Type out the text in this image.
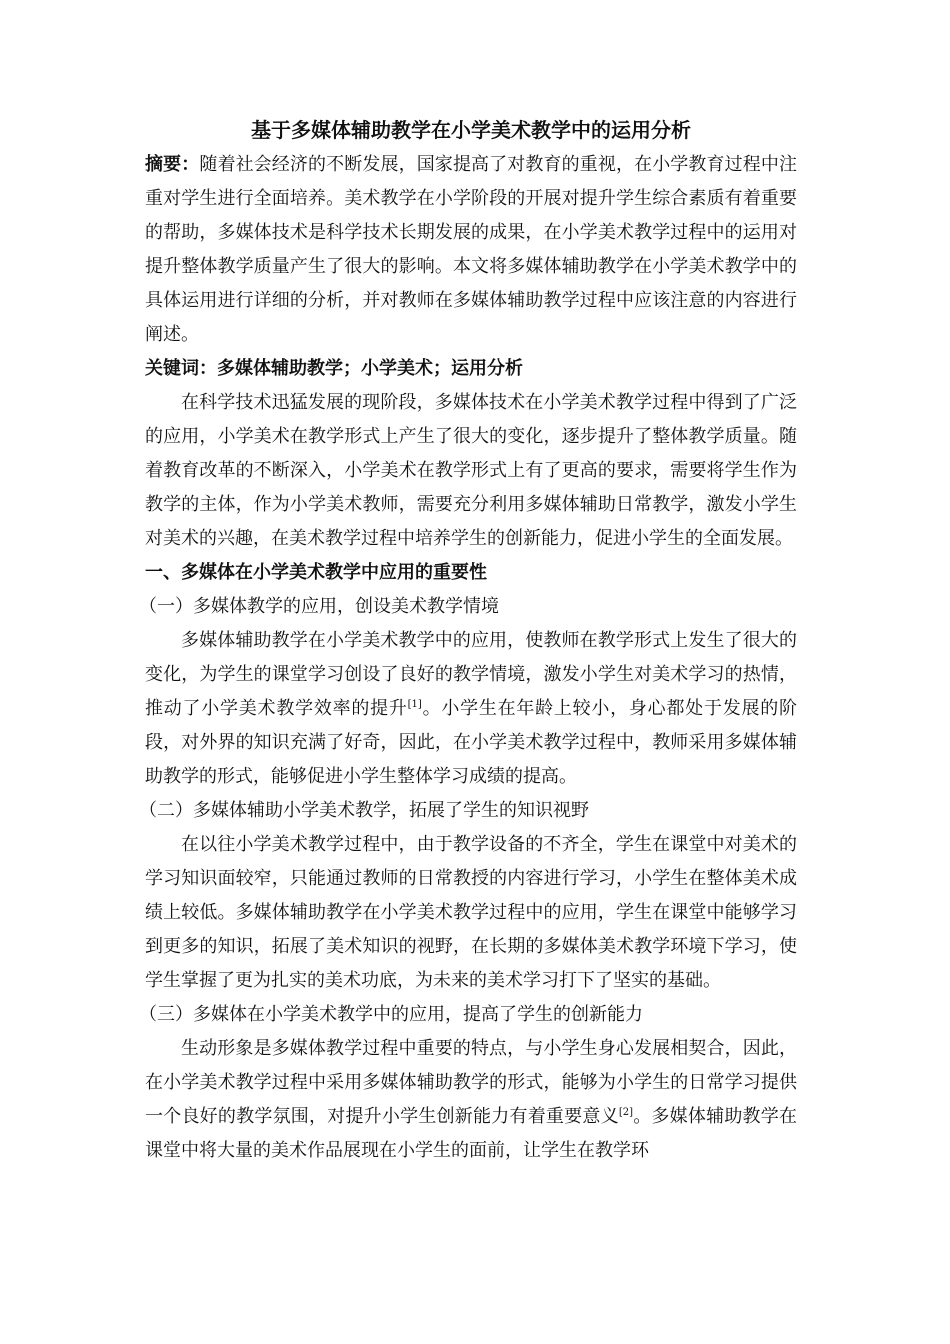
基于多媒体辅助教学在小学美术教学中的运用分析

摘要：随着社会经济的不断发展，国家提高了对教育的重视，在小学教育过程中注重对学生进行全面培养。美术教学在小学阶段的开展对提升学生综合素质有着重要的帮助，多媒体技术是科学技术长期发展的成果，在小学美术教学过程中的运用对提升整体教学质量产生了很大的影响。本文将多媒体辅助教学在小学美术教学中的具体运用进行详细的分析，并对教师在多媒体辅助教学过程中应该注意的内容进行阐述。

关键词：多媒体辅助教学；小学美术；运用分析

在科学技术迅猛发展的现阶段，多媒体技术在小学美术教学过程中得到了广泛的应用，小学美术在教学形式上产生了很大的变化，逐步提升了整体教学质量。随着教育改革的不断深入，小学美术在教学形式上有了更高的要求，需要将学生作为教学的主体，作为小学美术教师，需要充分利用多媒体辅助日常教学，激发小学生对美术的兴趣，在美术教学过程中培养学生的创新能力，促进小学生的全面发展。

一、多媒体在小学美术教学中应用的重要性

（一）多媒体教学的应用，创设美术教学情境

多媒体辅助教学在小学美术教学中的应用，使教师在教学形式上发生了很大的变化，为学生的课堂学习创设了良好的教学情境，激发小学生对美术学习的热情，推动了小学美术教学效率的提升[1]。小学生在年龄上较小，身心都处于发展的阶段，对外界的知识充满了好奇，因此，在小学美术教学过程中，教师采用多媒体辅助教学的形式，能够促进小学生整体学习成绩的提高。

（二）多媒体辅助小学美术教学，拓展了学生的知识视野

在以往小学美术教学过程中，由于教学设备的不齐全，学生在课堂中对美术的学习知识面较窄，只能通过教师的日常教授的内容进行学习，小学生在整体美术成绩上较低。多媒体辅助教学在小学美术教学过程中的应用，学生在课堂中能够学习到更多的知识，拓展了美术知识的视野，在长期的多媒体美术教学环境下学习，使学生掌握了更为扎实的美术功底，为未来的美术学习打下了坚实的基础。

（三）多媒体在小学美术教学中的应用，提高了学生的创新能力

生动形象是多媒体教学过程中重要的特点，与小学生身心发展相契合，因此，在小学美术教学过程中采用多媒体辅助教学的形式，能够为小学生的日常学习提供一个良好的教学氛围，对提升小学生创新能力有着重要意义[2]。多媒体辅助教学在课堂中将大量的美术作品展现在小学生的面前，让学生在教学环
